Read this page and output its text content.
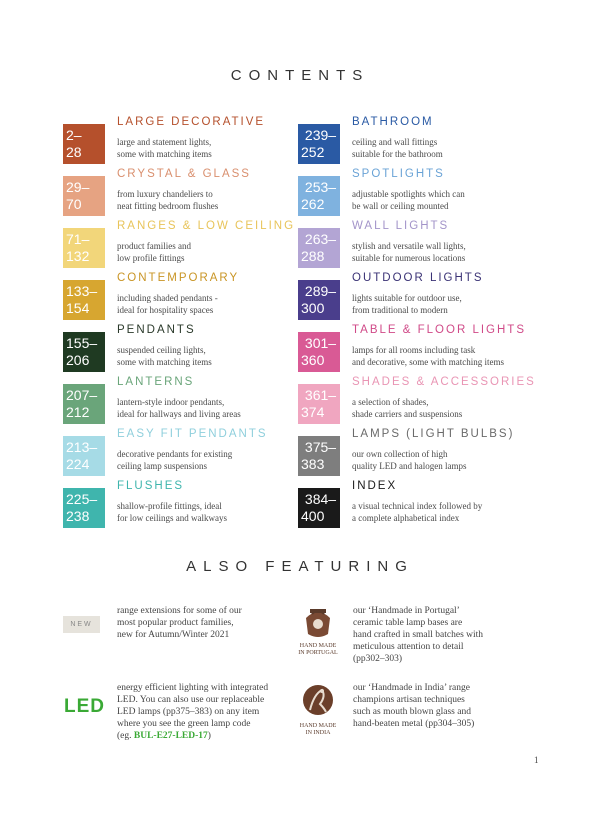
CONTENTS
2–
28
LARGE DECORATIVE
large and statement lights,
some with matching items
29–
70
CRYSTAL & GLASS
from luxury chandeliers to
neat fitting bedroom flushes
71–
132
RANGES & LOW CEILING
product families and
low profile fittings
133–
154
CONTEMPORARY
including shaded pendants -
ideal for hospitality spaces
155–
206
PENDANTS
suspended ceiling lights,
some with matching items
207–
212
LANTERNS
lantern-style indoor pendants,
ideal for hallways and living areas
213–
224
EASY FIT PENDANTS
decorative pendants for existing
ceiling lamp suspensions
225–
238
FLUSHES
shallow-profile fittings, ideal
for low ceilings and walkways
239–
252
BATHROOM
ceiling and wall fittings
suitable for the bathroom
253–
262
SPOTLIGHTS
adjustable spotlights which can
be wall or ceiling mounted
263–
288
WALL LIGHTS
stylish and versatile wall lights,
suitable for numerous locations
289–
300
OUTDOOR LIGHTS
lights suitable for outdoor use,
from traditional to modern
301–
360
TABLE & FLOOR LIGHTS
lamps for all rooms including task
and decorative, some with matching items
361–
374
SHADES & ACCESSORIES
a selection of shades,
shade carriers and suspensions
375–
383
LAMPS (LIGHT BULBS)
our own collection of high
quality LED and halogen lamps
384–
400
INDEX
a visual technical index followed by
a complete alphabetical index
ALSO FEATURING
NEW
range extensions for some of our
most popular product families,
new for Autumn/Winter 2021
LED
energy efficient lighting with integrated
LED. You can also use our replaceable
LED lamps (pp375–383) on any item
where you see the green lamp code
(eg. BUL-E27-LED-17)
HAND MADE
IN PORTUGAL
our ‘Handmade in Portugal’
ceramic table lamp bases are
hand crafted in small batches with
meticulous attention to detail
(pp302–303)
HAND MADE
IN INDIA
our ‘Handmade in India’ range
champions artisan techniques
such as mouth blown glass and
hand-beaten metal (pp304–305)
1
